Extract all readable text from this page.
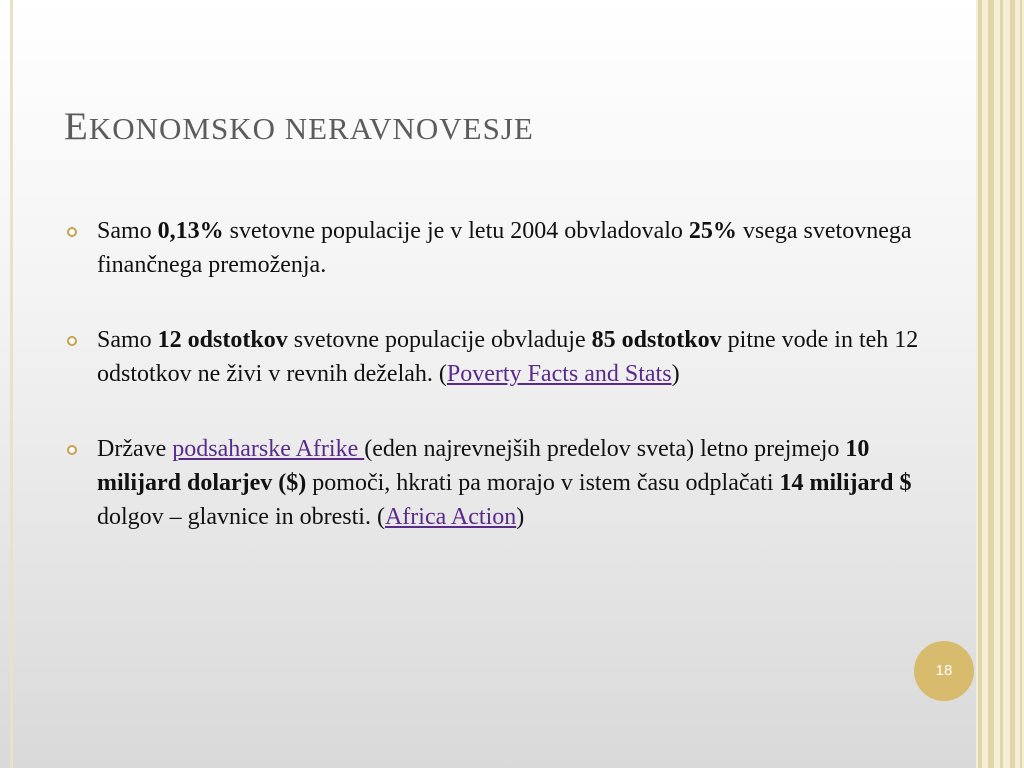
EKONOMSKO NERAVNOVESJE

Samo 0,13% svetovne populacije je v letu 2004 obvladovalo 25% vsega svetovnega finančnega premoženja.

Samo 12 odstotkov svetovne populacije obvladuje 85 odstotkov pitne vode in teh 12 odstotkov ne živi v revnih deželah. (Poverty Facts and Stats)

Države podsaharske Afrike (eden najrevnejših predelov sveta) letno prejmejo 10 milijard dolarjev ($) pomoči, hkrati pa morajo v istem času odplačati 14 milijard $ dolgov – glavnice in obresti. (Africa Action)

18
